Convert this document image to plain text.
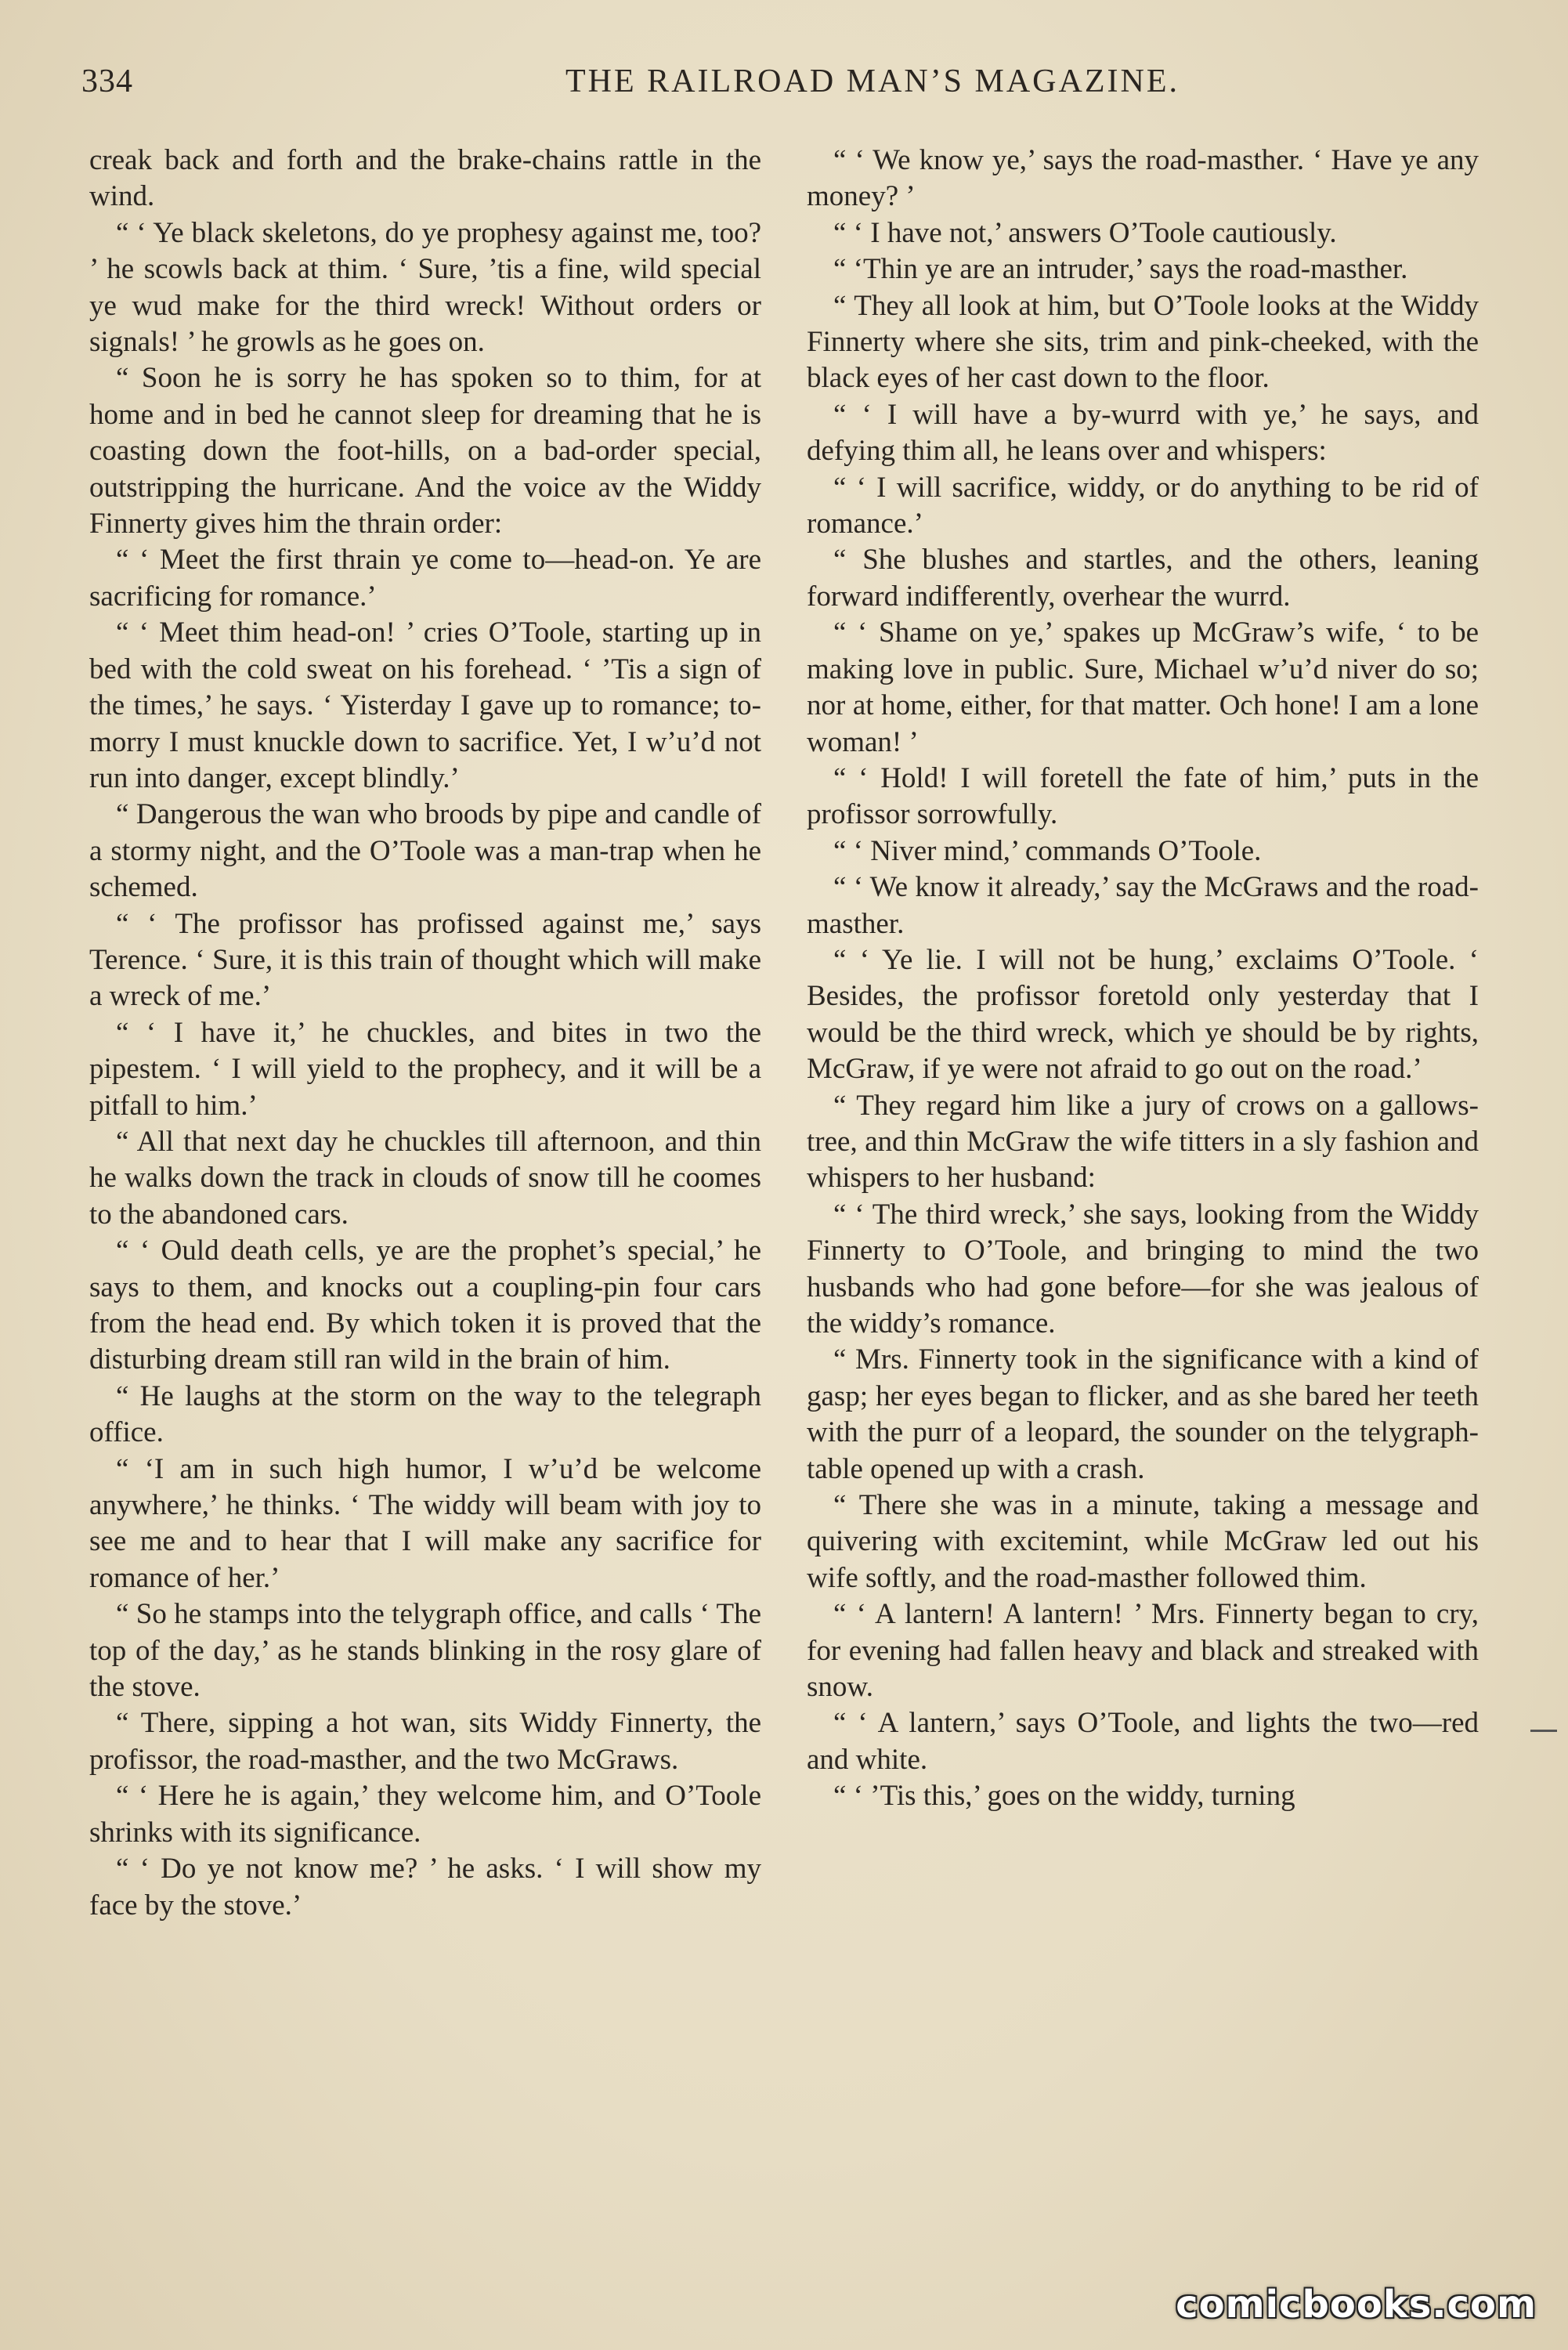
334	THE RAILROAD MAN’S MAGAZINE.

creak back and forth and the brake-chains rattle in the wind.

“ ‘ Ye black skeletons, do ye prophesy against me, too? ’ he scowls back at thim. ‘ Sure, ’tis a fine, wild special ye wud make for the third wreck! Without orders or signals! ’ he growls as he goes on.

“ Soon he is sorry he has spoken so to thim, for at home and in bed he cannot sleep for dreaming that he is coasting down the foot-hills, on a bad-order special, outstripping the hurricane. And the voice av the Widdy Finnerty gives him the thrain order:

“ ‘ Meet the first thrain ye come to—head-on. Ye are sacrificing for romance.’

“ ‘ Meet thim head-on! ’ cries O’Toole, starting up in bed with the cold sweat on his forehead. ‘ ’Tis a sign of the times,’ he says. ‘ Yisterday I gave up to romance; to-morry I must knuckle down to sacrifice. Yet, I w’u’d not run into danger, except blindly.’

“ Dangerous the wan who broods by pipe and candle of a stormy night, and the O’Toole was a man-trap when he schemed.

“ ‘ The profissor has profissed against me,’ says Terence. ‘ Sure, it is this train of thought which will make a wreck of me.’

“ ‘ I have it,’ he chuckles, and bites in two the pipestem. ‘ I will yield to the prophecy, and it will be a pitfall to him.’

“ All that next day he chuckles till afternoon, and thin he walks down the track in clouds of snow till he coomes to the abandoned cars.

“ ‘ Ould death cells, ye are the prophet’s special,’ he says to them, and knocks out a coupling-pin four cars from the head end. By which token it is proved that the disturbing dream still ran wild in the brain of him.

“ He laughs at the storm on the way to the telegraph office.

“ ‘I am in such high humor, I w’u’d be welcome anywhere,’ he thinks. ‘ The widdy will beam with joy to see me and to hear that I will make any sacrifice for romance of her.’

“ So he stamps into the telygraph office, and calls ‘ The top of the day,’ as he stands blinking in the rosy glare of the stove.

“ There, sipping a hot wan, sits Widdy Finnerty, the profissor, the road-masther, and the two McGraws.

“ ‘ Here he is again,’ they welcome him, and O’Toole shrinks with its significance.

“ ‘ Do ye not know me? ’ he asks. ‘ I will show my face by the stove.’

“ ‘ We know ye,’ says the road-masther. ‘ Have ye any money? ’

“ ‘ I have not,’ answers O’Toole cautiously.

“ ‘Thin ye are an intruder,’ says the road-masther.

“ They all look at him, but O’Toole looks at the Widdy Finnerty where she sits, trim and pink-cheeked, with the black eyes of her cast down to the floor.

“ ‘ I will have a by-wurrd with ye,’ he says, and defying thim all, he leans over and whispers:

“ ‘ I will sacrifice, widdy, or do anything to be rid of romance.’

“ She blushes and startles, and the others, leaning forward indifferently, overhear the wurrd.

“ ‘ Shame on ye,’ spakes up McGraw’s wife, ‘ to be making love in public. Sure, Michael w’u’d niver do so; nor at home, either, for that matter. Och hone! I am a lone woman! ’

“ ‘ Hold! I will foretell the fate of him,’ puts in the profissor sorrowfully.

“ ‘ Niver mind,’ commands O’Toole.

“ ‘ We know it already,’ say the McGraws and the road-masther.

“ ‘ Ye lie. I will not be hung,’ exclaims O’Toole. ‘ Besides, the profissor foretold only yesterday that I would be the third wreck, which ye should be by rights, McGraw, if ye were not afraid to go out on the road.’

“ They regard him like a jury of crows on a gallows-tree, and thin McGraw the wife titters in a sly fashion and whispers to her husband:

“ ‘ The third wreck,’ she says, looking from the Widdy Finnerty to O’Toole, and bringing to mind the two husbands who had gone before—for she was jealous of the widdy’s romance.

“ Mrs. Finnerty took in the significance with a kind of gasp; her eyes began to flicker, and as she bared her teeth with the purr of a leopard, the sounder on the telygraph-table opened up with a crash.

“ There she was in a minute, taking a message and quivering with excitemint, while McGraw led out his wife softly, and the road-masther followed thim.

“ ‘ A lantern! A lantern! ’ Mrs. Finnerty began to cry, for evening had fallen heavy and black and streaked with snow.

“ ‘ A lantern,’ says O’Toole, and lights the two—red and white.

“ ‘ ’Tis this,’ goes on the widdy, turning

comicbooks.com
